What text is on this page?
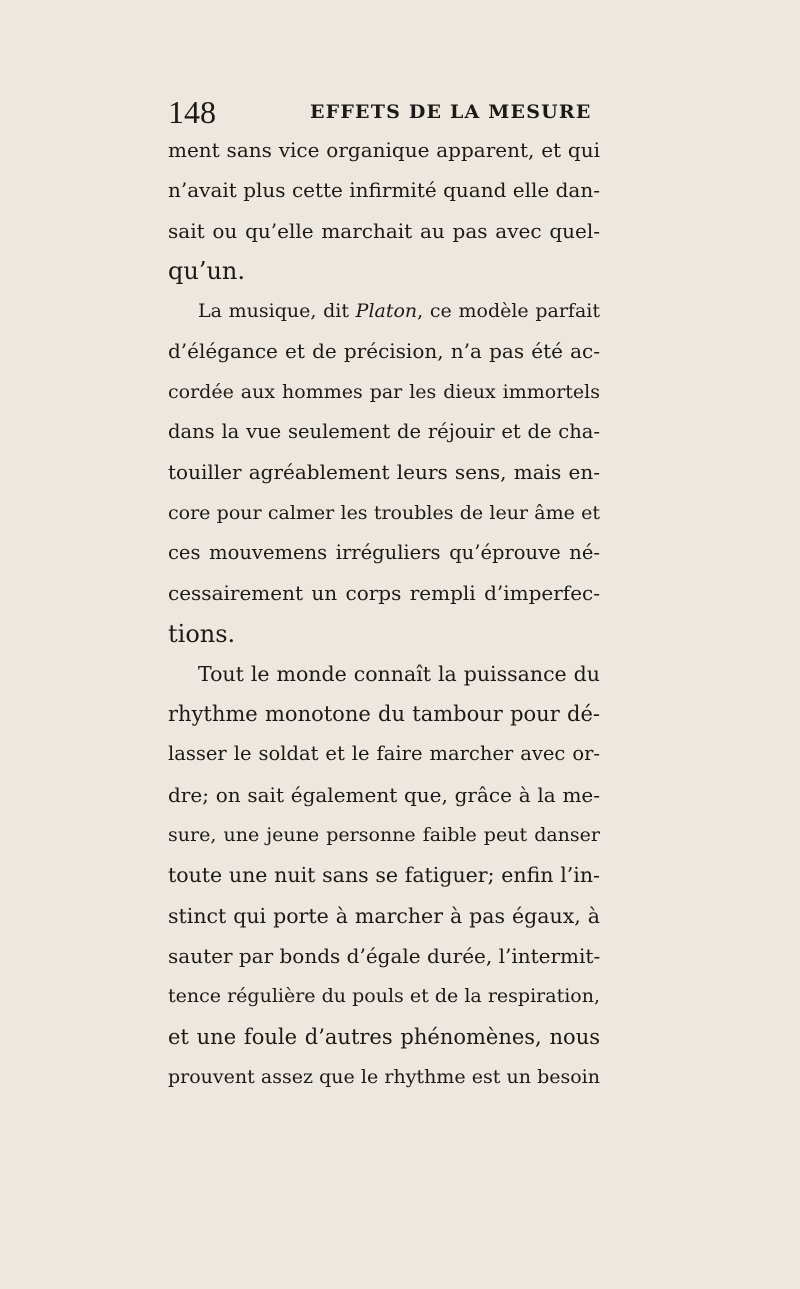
148	EFFETS DE LA MESURE
ment sans vice organique apparent, et qui
n’avait plus cette infirmité quand elle dan-
sait ou qu’elle marchait au pas avec quel-
qu’un.
La musique, dit Platon, ce modèle parfait
d’élégance et de précision, n’a pas été ac-
cordée aux hommes par les dieux immortels
dans la vue seulement de réjouir et de cha-
touiller agréablement leurs sens, mais en-
core pour calmer les troubles de leur âme et
ces mouvemens irréguliers qu’éprouve né-
cessairement un corps rempli d’imperfec-
tions.
Tout le monde connaît la puissance du
rhythme monotone du tambour pour dé-
lasser le soldat et le faire marcher avec or-
dre; on sait également que, grâce à la me-
sure, une jeune personne faible peut danser
toute une nuit sans se fatiguer; enfin l’in-
stinct qui porte à marcher à pas égaux, à
sauter par bonds d’égale durée, l’intermit-
tence régulière du pouls et de la respiration,
et une foule d’autres phénomènes, nous
prouvent assez que le rhythme est un besoin
